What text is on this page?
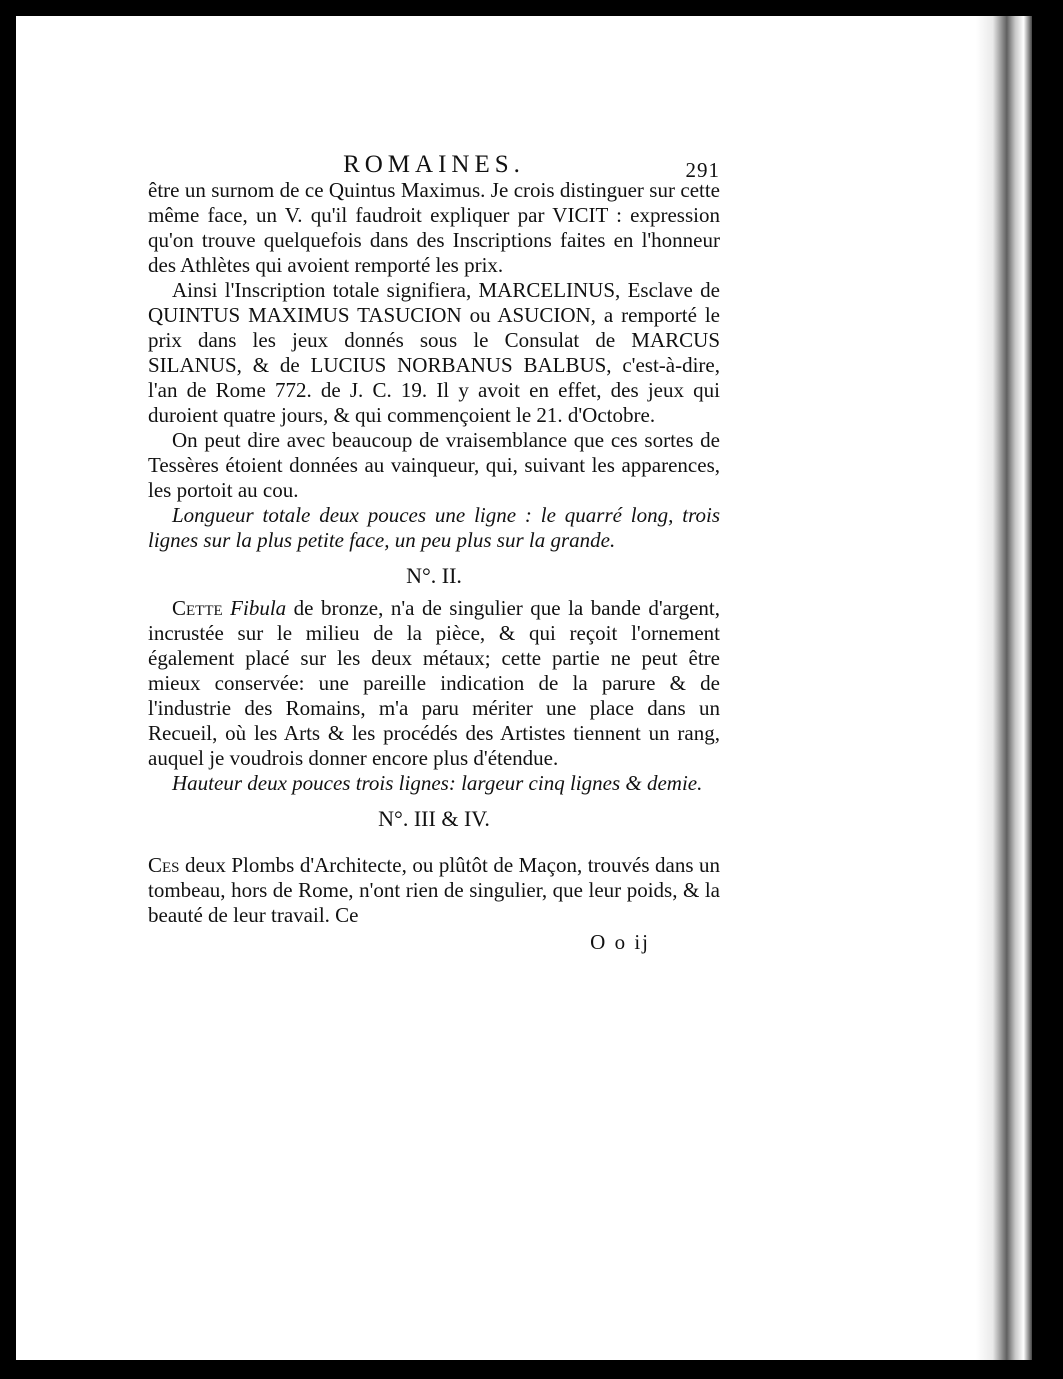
ROMAINES.	291

être un surnom de ce Quintus Maximus. Je crois distinguer sur cette même face, un V. qu'il faudroit expliquer par VICIT : expression qu'on trouve quelquefois dans des Inscriptions faites en l'honneur des Athlètes qui avoient remporté les prix.

Ainsi l'Inscription totale signifiera, MARCELINUS, Esclave de QUINTUS MAXIMUS TASUCION ou ASUCION, a remporté le prix dans les jeux donnés sous le Consulat de MARCUS SILANUS, & de LUCIUS NORBANUS BALBUS, c'est-à-dire, l'an de Rome 772. de J. C. 19. Il y avoit en effet, des jeux qui duroient quatre jours, & qui commençoient le 21. d'Octobre.

On peut dire avec beaucoup de vraisemblance que ces sortes de Tessères étoient données au vainqueur, qui, suivant les apparences, les portoit au cou.

Longueur totale deux pouces une ligne : le quarré long, trois lignes sur la plus petite face, un peu plus sur la grande.

N°. II.

Cette Fibula de bronze, n'a de singulier que la bande d'argent, incrustée sur le milieu de la pièce, & qui reçoit l'ornement également placé sur les deux métaux; cette partie ne peut être mieux conservée: une pareille indication de la parure & de l'industrie des Romains, m'a paru mériter une place dans un Recueil, où les Arts & les procédés des Artistes tiennent un rang, auquel je voudrois donner encore plus d'étendue.

Hauteur deux pouces trois lignes: largeur cinq lignes & demie.

N°. III & IV.

Ces deux Plombs d'Architecte, ou plûtôt de Maçon, trouvés dans un tombeau, hors de Rome, n'ont rien de singulier, que leur poids, & la beauté de leur travail. Ce

O o ij
